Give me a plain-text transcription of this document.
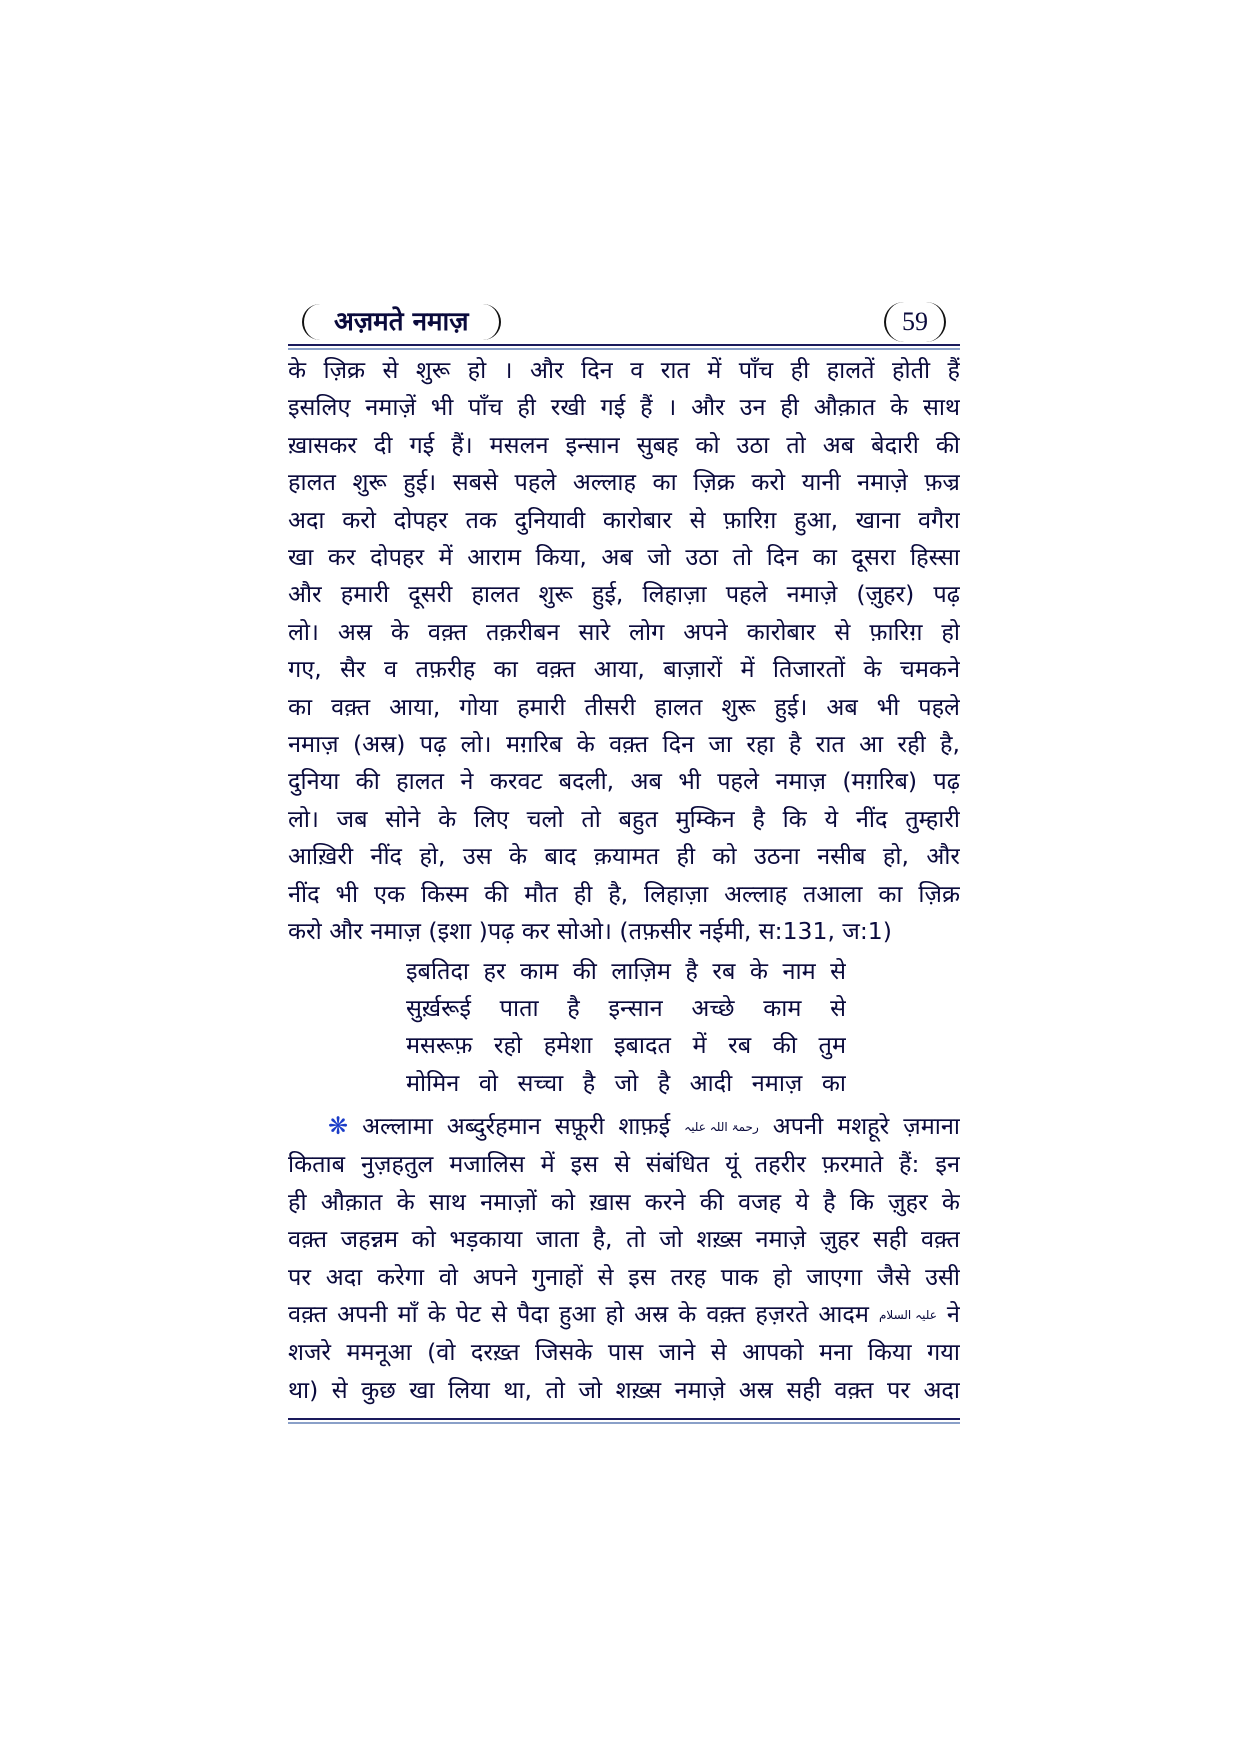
अज़मते नमाज़	59
के ज़िक्र से शुरू हो । और दिन व रात में पाँच ही हालतें होती हैं
इसलिए नमाज़ें भी पाँच ही रखी गई हैं । और उन ही औक़ात के साथ
ख़ासकर दी गई हैं। मसलन इन्सान सुबह को उठा तो अब बेदारी की
हालत शुरू हुई। सबसे पहले अल्लाह का ज़िक्र करो यानी नमाज़े फ़ज्र
अदा करो दोपहर तक दुनियावी कारोबार से फ़ारिग़ हुआ, खाना वगैरा
खा कर दोपहर में आराम किया, अब जो उठा तो दिन का दूसरा हिस्सा
और हमारी दूसरी हालत शुरू हुई, लिहाज़ा पहले नमाज़े (ज़ुहर) पढ़
लो। अस्र के वक़्त तक़रीबन सारे लोग अपने कारोबार से फ़ारिग़ हो
गए, सैर व तफ़रीह का वक़्त आया, बाज़ारों में तिजारतों के चमकने
का वक़्त आया, गोया हमारी तीसरी हालत शुरू हुई। अब भी पहले
नमाज़ (अस्र) पढ़ लो। मग़रिब के वक़्त दिन जा रहा है रात आ रही है,
दुनिया की हालत ने करवट बदली, अब भी पहले नमाज़ (मग़रिब) पढ़
लो। जब सोने के लिए चलो तो बहुत मुम्किन है कि ये नींद तुम्हारी
आख़िरी नींद हो, उस के बाद क़यामत ही को उठना नसीब हो, और
नींद भी एक किस्म की मौत ही है, लिहाज़ा अल्लाह तआला का ज़िक्र
करो और नमाज़ (इशा )पढ़ कर सोओ। (तफ़सीर नईमी, स:131, ज:1)
इबतिदा हर काम की लाज़िम है रब के नाम से
सुर्ख़रूई पाता है इन्सान अच्छे काम से
मसरूफ़ रहो हमेशा इबादत में रब की तुम
मोमिन वो सच्चा है जो है आदी नमाज़ का
❋ अल्लामा अब्दुर्रहमान सफ़ूरी शाफ़ई رحمۃ اللہ علیہ अपनी मशहूरे ज़माना
किताब नुज़हतुल मजालिस में इस से संबंधित यूं तहरीर फ़रमाते हैं: इन
ही औक़ात के साथ नमाज़ों को ख़ास करने की वजह ये है कि ज़ुहर के
वक़्त जहन्नम को भड़काया जाता है, तो जो शख़्स नमाज़े ज़ुहर सही वक़्त
पर अदा करेगा वो अपने गुनाहों से इस तरह पाक हो जाएगा जैसे उसी
वक़्त अपनी माँ के पेट से पैदा हुआ हो अस्र के वक़्त हज़रते आदम علیہ السلام ने
शजरे ममनूआ (वो दरख़्त जिसके पास जाने से आपको मना किया गया
था) से कुछ खा लिया था, तो जो शख़्स नमाज़े अस्र सही वक़्त पर अदा
